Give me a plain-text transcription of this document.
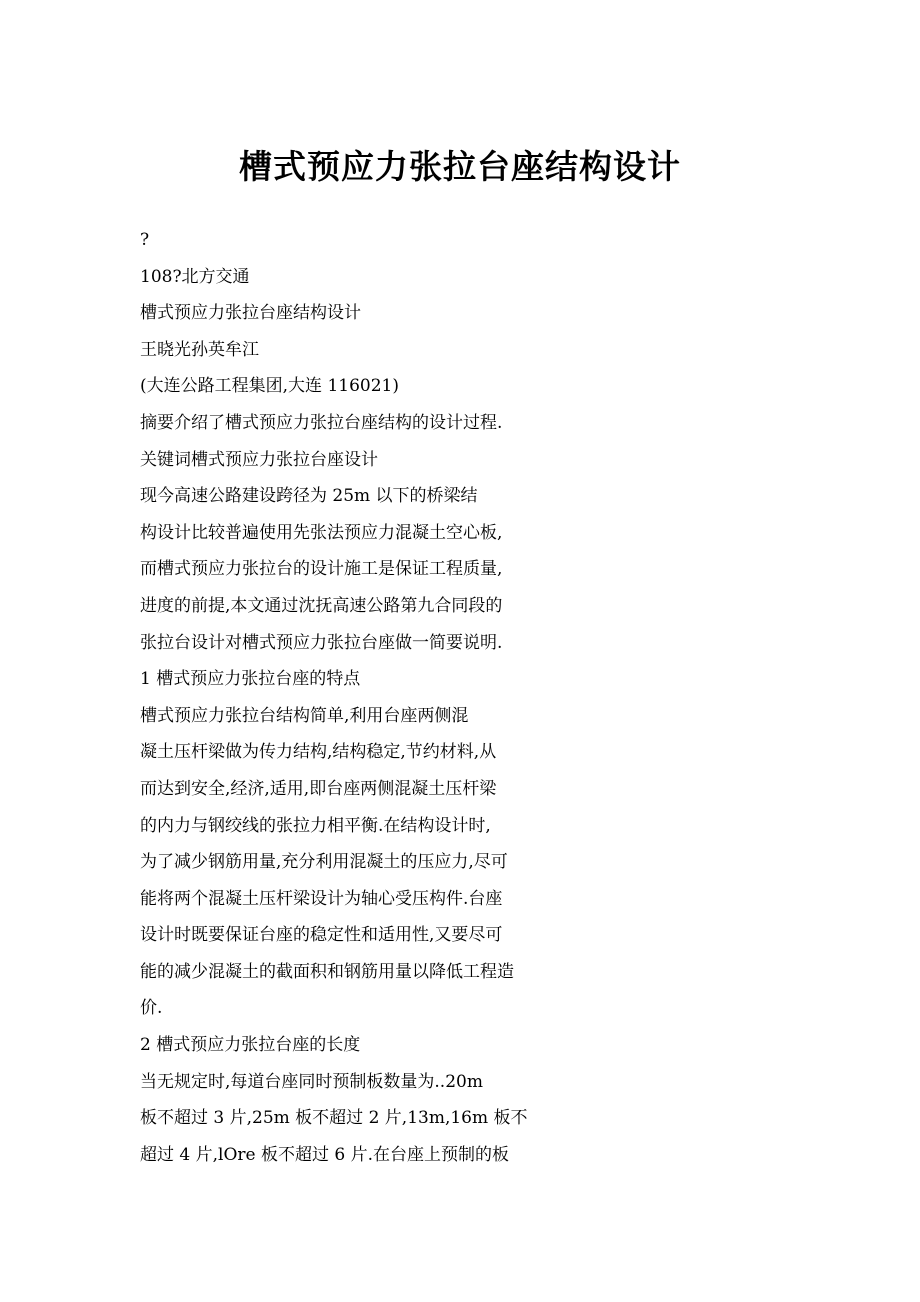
槽式预应力张拉台座结构设计
?
108?北方交通
槽式预应力张拉台座结构设计
王晓光孙英牟江
(大连公路工程集团,大连 116021)
摘要介绍了槽式预应力张拉台座结构的设计过程.
关键词槽式预应力张拉台座设计
现今高速公路建设跨径为 25m 以下的桥梁结
构设计比较普遍使用先张法预应力混凝土空心板,
而槽式预应力张拉台的设计施工是保证工程质量,
进度的前提,本文通过沈抚高速公路第九合同段的
张拉台设计对槽式预应力张拉台座做一简要说明.
1 槽式预应力张拉台座的特点
槽式预应力张拉台结构简单,利用台座两侧混
凝土压杆梁做为传力结构,结构稳定,节约材料,从
而达到安全,经济,适用,即台座两侧混凝土压杆梁
的内力与钢绞线的张拉力相平衡.在结构设计时,
为了减少钢筋用量,充分利用混凝土的压应力,尽可
能将两个混凝土压杆梁设计为轴心受压构件.台座
设计时既要保证台座的稳定性和适用性,又要尽可
能的减少混凝土的截面积和钢筋用量以降低工程造
价.
2 槽式预应力张拉台座的长度
当无规定时,每道台座同时预制板数量为..20m
板不超过 3 片,25m 板不超过 2 片,13m,16m 板不
超过 4 片,lOre 板不超过 6 片.在台座上预制的板
